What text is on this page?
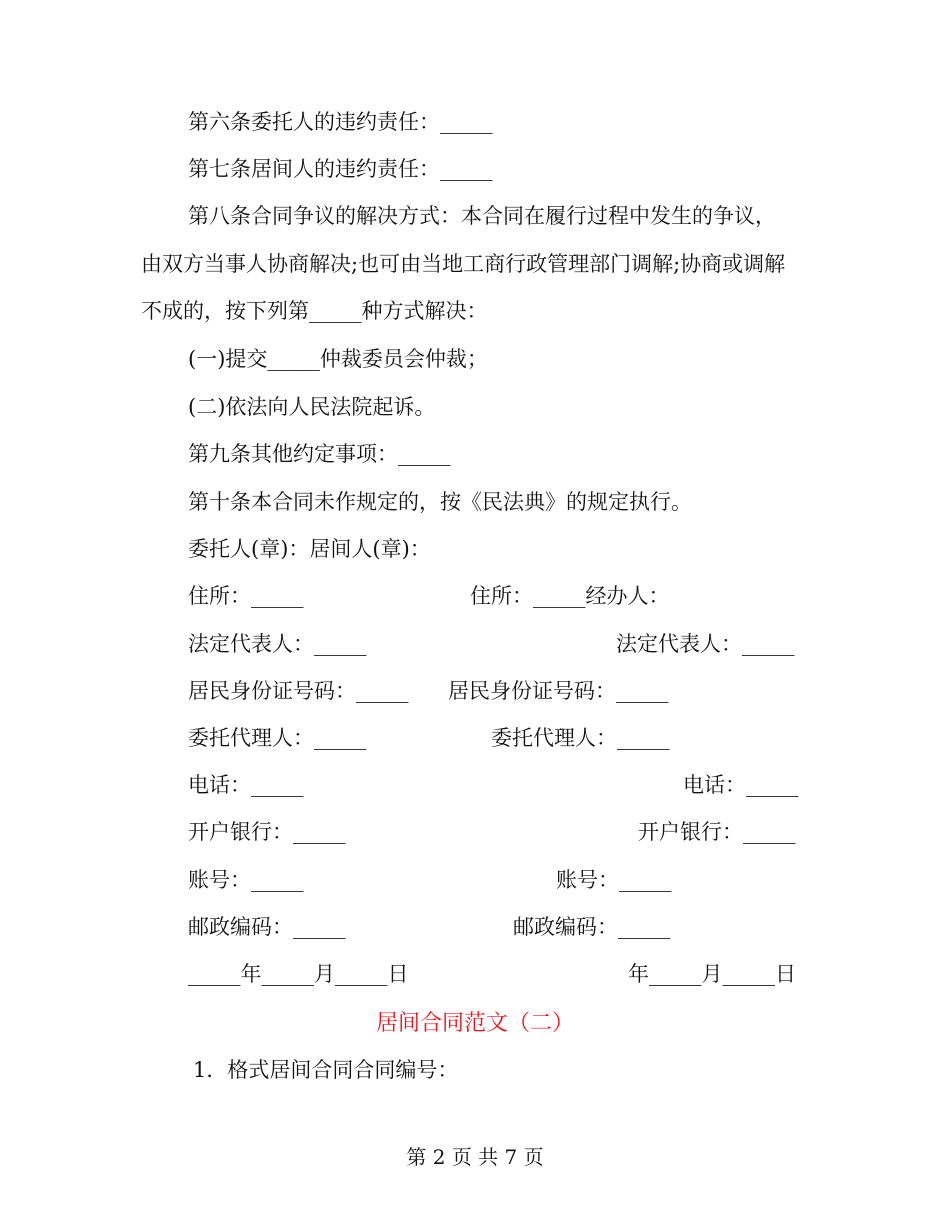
第六条委托人的违约责任：_____
第七条居间人的违约责任：_____
第八条合同争议的解决方式：本合同在履行过程中发生的争议，
由双方当事人协商解决;也可由当地工商行政管理部门调解;协商或调解
不成的，按下列第_____种方式解决：
(一)提交_____仲裁委员会仲裁；
(二)依法向人民法院起诉。
第九条其他约定事项：_____
第十条本合同未作规定的，按《民法典》的规定执行。
委托人(章)：居间人(章)：
住所：_____	住所：_____经办人：
法定代表人：_____	法定代表人：_____
居民身份证号码：_____ 居民身份证号码：_____
委托代理人：_____	委托代理人：_____
电话：_____	电话：_____
开户银行：_____	开户银行：_____
账号：_____	账号：_____
邮政编码：_____	邮政编码：_____
_____年_____月_____日	年_____月_____日
居间合同范文（二）
1．格式居间合同合同编号：
第 2 页 共 7 页
